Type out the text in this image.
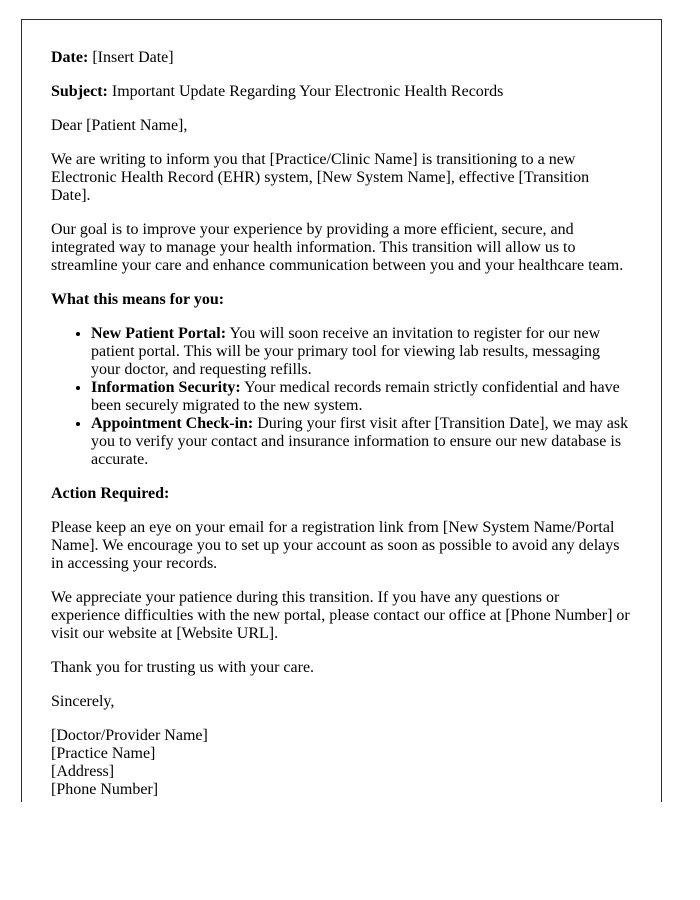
Date: [Insert Date]

Subject: Important Update Regarding Your Electronic Health Records

Dear [Patient Name],

We are writing to inform you that [Practice/Clinic Name] is transitioning to a new Electronic Health Record (EHR) system, [New System Name], effective [Transition Date].

Our goal is to improve your experience by providing a more efficient, secure, and integrated way to manage your health information. This transition will allow us to streamline your care and enhance communication between you and your healthcare team.

What this means for you:

• New Patient Portal: You will soon receive an invitation to register for our new patient portal. This will be your primary tool for viewing lab results, messaging your doctor, and requesting refills.
• Information Security: Your medical records remain strictly confidential and have been securely migrated to the new system.
• Appointment Check-in: During your first visit after [Transition Date], we may ask you to verify your contact and insurance information to ensure our new database is accurate.

Action Required:

Please keep an eye on your email for a registration link from [New System Name/Portal Name]. We encourage you to set up your account as soon as possible to avoid any delays in accessing your records.

We appreciate your patience during this transition. If you have any questions or experience difficulties with the new portal, please contact our office at [Phone Number] or visit our website at [Website URL].

Thank you for trusting us with your care.

Sincerely,

[Doctor/Provider Name]
[Practice Name]
[Address]
[Phone Number]
